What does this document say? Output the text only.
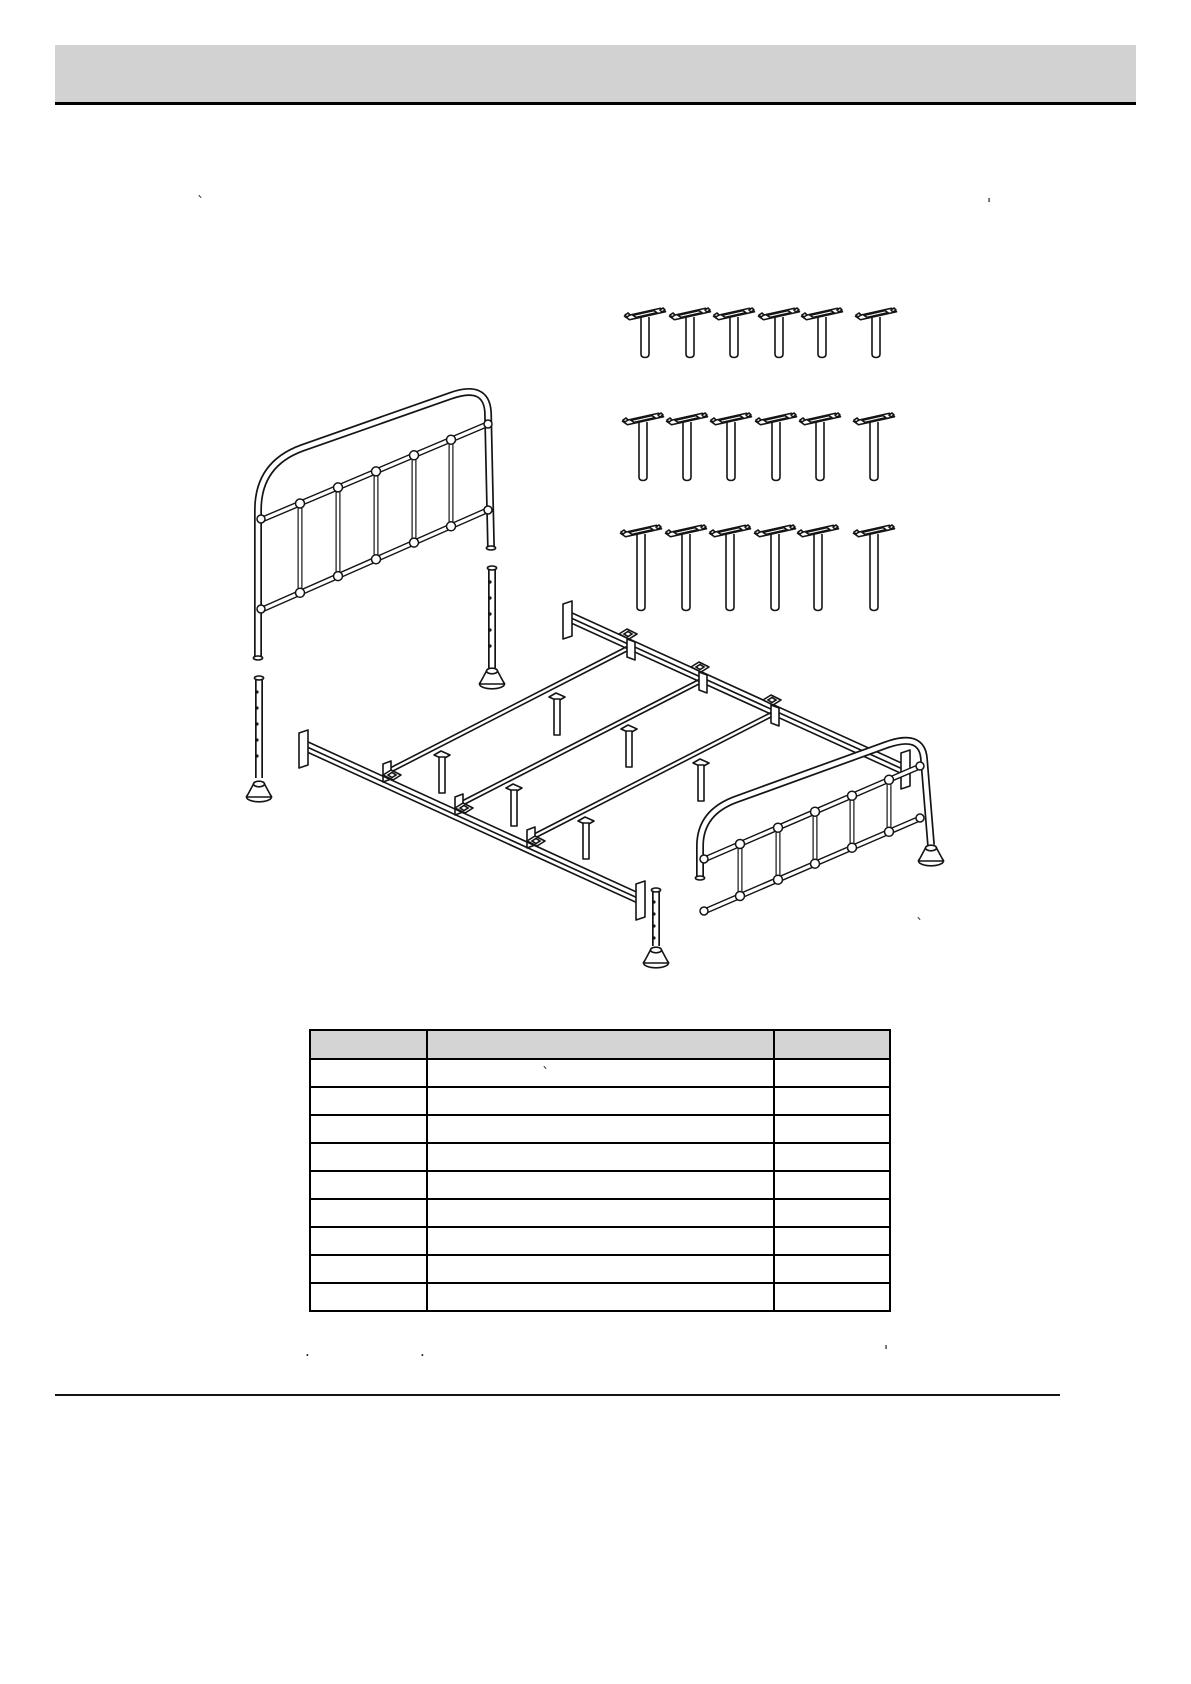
`	'
`
`
.	.	'
